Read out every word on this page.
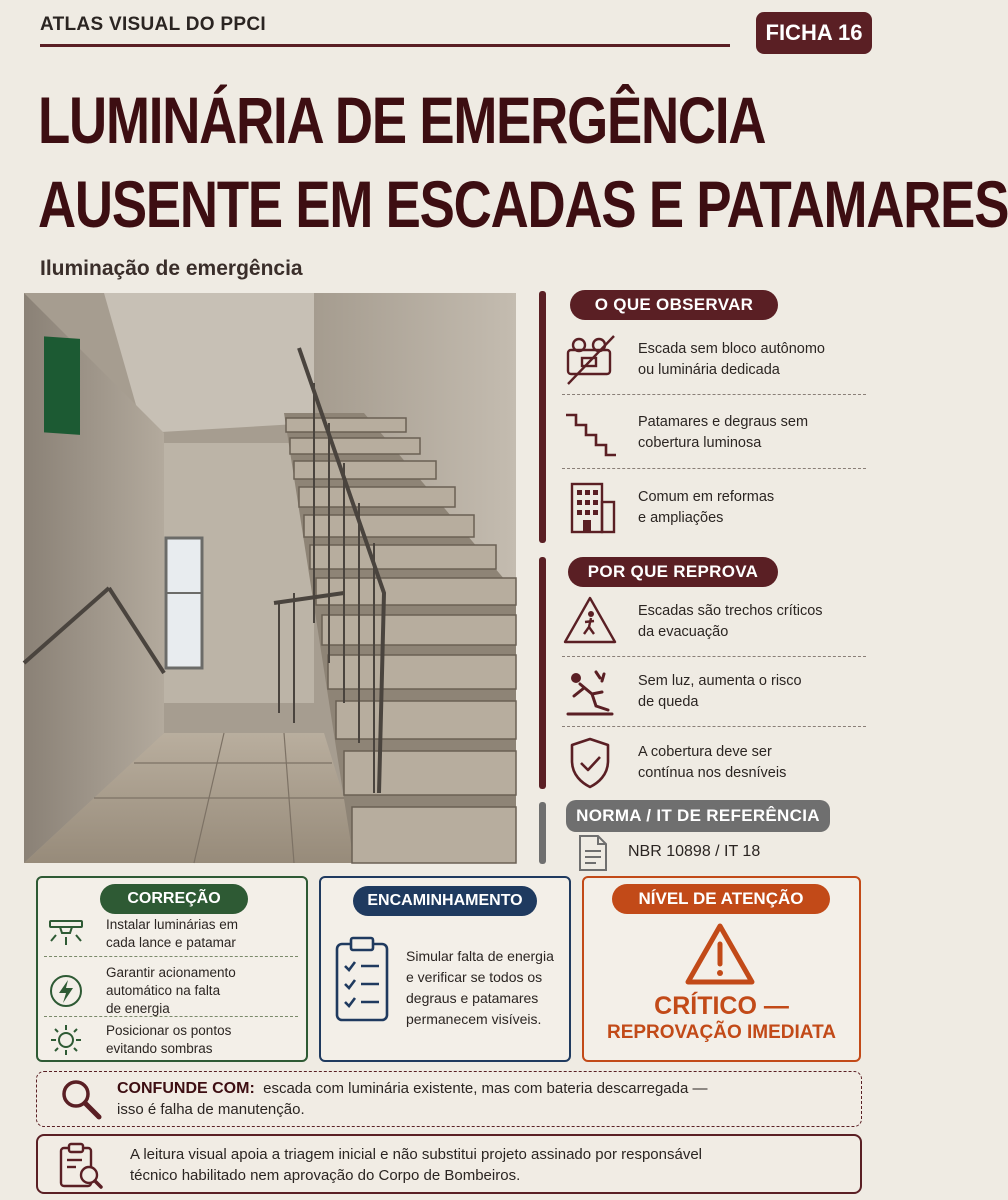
ATLAS VISUAL DO PPCI	FICHA 16
LUMINÁRIA DE EMERGÊNCIA
AUSENTE EM ESCADAS E PATAMARES
Iluminação de emergência
O QUE OBSERVAR
Escada sem bloco autônomo
ou luminária dedicada
Patamares e degraus sem
cobertura luminosa
Comum em reformas
e ampliações
POR QUE REPROVA
Escadas são trechos críticos
da evacuação
Sem luz, aumenta o risco
de queda
A cobertura deve ser
contínua nos desníveis
NORMA / IT DE REFERÊNCIA
NBR 10898 / IT 18
CORREÇÃO
Instalar luminárias em
cada lance e patamar
Garantir acionamento
automático na falta
de energia
Posicionar os pontos
evitando sombras
ENCAMINHAMENTO
Simular falta de energia
e verificar se todos os
degraus e patamares
permanecem visíveis.
NÍVEL DE ATENÇÃO
CRÍTICO —
REPROVAÇÃO IMEDIATA
CONFUNDE COM: escada com luminária existente, mas com bateria descarregada —
isso é falha de manutenção.
A leitura visual apoia a triagem inicial e não substitui projeto assinado por responsável
técnico habilitado nem aprovação do Corpo de Bombeiros.
